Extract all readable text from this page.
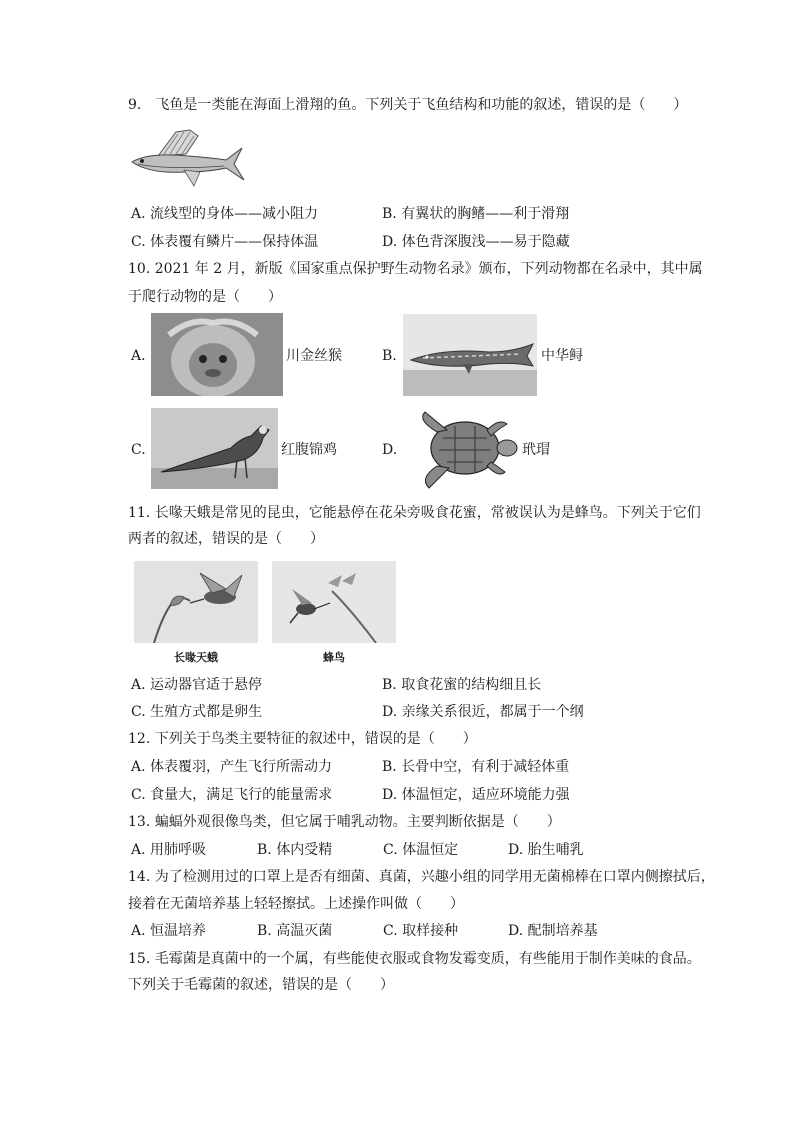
9.　飞鱼是一类能在海面上滑翔的鱼。下列关于飞鱼结构和功能的叙述，错误的是（　　）
A. 流线型的身体——减小阻力	B. 有翼状的胸鳍——利于滑翔
C. 体表覆有鳞片——保持体温	D. 体色背深腹浅——易于隐藏
10. 2021 年 2 月，新版《国家重点保护野生动物名录》颁布，下列动物都在名录中，其中属
于爬行动物的是（　　）
A.	川金丝猴	B.	中华鲟
C.	红腹锦鸡	D.	玳瑁
11. 长喙天蛾是常见的昆虫，它能悬停在花朵旁吸食花蜜，常被误认为是蜂鸟。下列关于它们
两者的叙述，错误的是（　　）
长喙天蛾	蜂鸟
A. 运动器官适于悬停	B. 取食花蜜的结构细且长
C. 生殖方式都是卵生	D. 亲缘关系很近，都属于一个纲
12. 下列关于鸟类主要特征的叙述中，错误的是（　　）
A. 体表覆羽，产生飞行所需动力	B. 长骨中空，有利于减轻体重
C. 食量大，满足飞行的能量需求	D. 体温恒定，适应环境能力强
13. 蝙蝠外观很像鸟类，但它属于哺乳动物。主要判断依据是（　　）
A. 用肺呼吸	B. 体内受精	C. 体温恒定	D. 胎生哺乳
14. 为了检测用过的口罩上是否有细菌、真菌，兴趣小组的同学用无菌棉棒在口罩内侧擦拭后，
接着在无菌培养基上轻轻擦拭。上述操作叫做（　　）
A. 恒温培养	B. 高温灭菌	C. 取样接种	D. 配制培养基
15. 毛霉菌是真菌中的一个属，有些能使衣服或食物发霉变质，有些能用于制作美味的食品。
下列关于毛霉菌的叙述，错误的是（　　）
